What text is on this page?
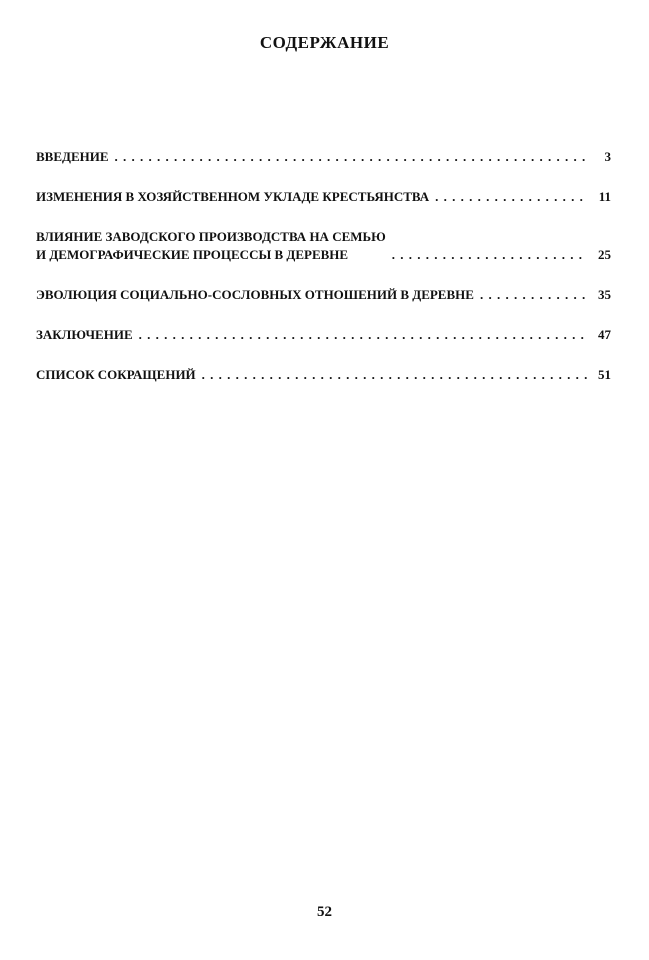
СОДЕРЖАНИЕ
ВВЕДЕНИЕ . . .	3
ИЗМЕНЕНИЯ В ХОЗЯЙСТВЕННОМ УКЛАДЕ КРЕСТЬЯНСТВА . . .	11
ВЛИЯНИЕ ЗАВОДСКОГО ПРОИЗВОДСТВА НА СЕМЬЮ
И ДЕМОГРАФИЧЕСКИЕ ПРОЦЕССЫ В ДЕРЕВНЕ . . .	25
ЭВОЛЮЦИЯ СОЦИАЛЬНО-СОСЛОВНЫХ ОТНОШЕНИЙ В ДЕРЕВНЕ . . .	35
ЗАКЛЮЧЕНИЕ . . .	47
СПИСОК СОКРАЩЕНИЙ . . .	51
52
